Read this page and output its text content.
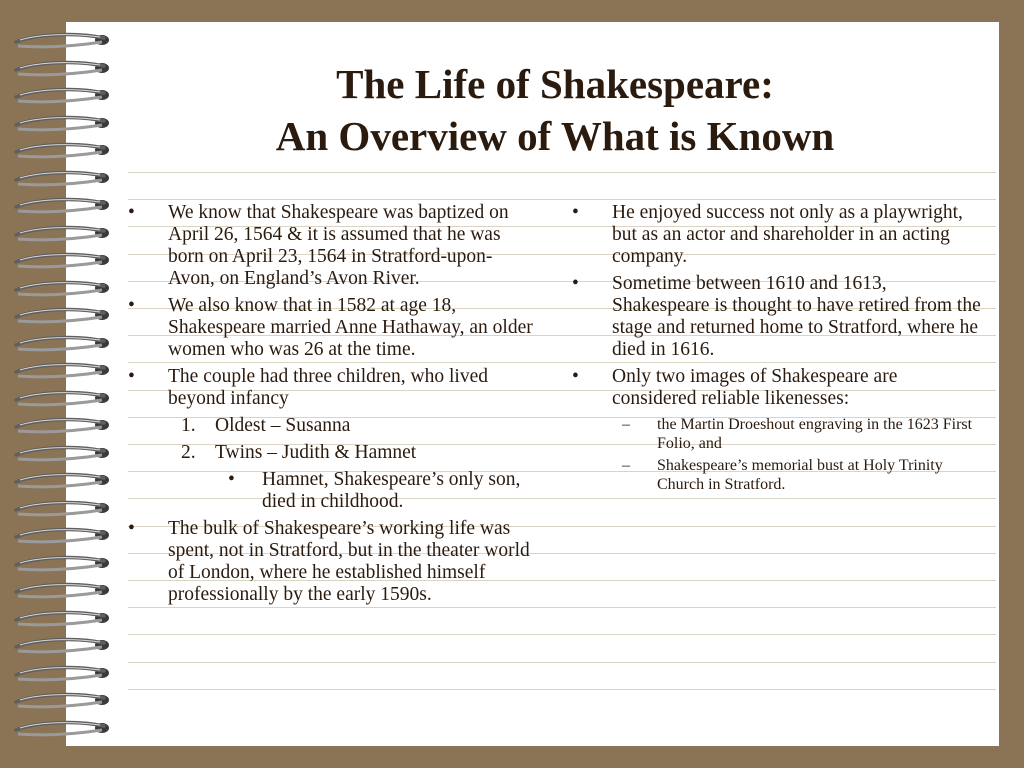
The Life of Shakespeare:
An Overview of What is Known
•	We know that Shakespeare was baptized on April 26, 1564 & it is assumed that he was born on April 23, 1564 in Stratford-upon-Avon, on England’s Avon River.
•	We also know that in 1582 at age 18, Shakespeare married Anne Hathaway, an older women who was 26 at the time.
•	The couple had three children, who lived beyond infancy
1. Oldest – Susanna
2. Twins – Judith & Hamnet
•	Hamnet, Shakespeare’s only son, died in childhood.
•	The bulk of Shakespeare’s working life was spent, not in Stratford, but in the theater world of London, where he established himself professionally by the early 1590s.
•	He enjoyed success not only as a playwright, but as an actor and shareholder in an acting company.
•	Sometime between 1610 and 1613, Shakespeare is thought to have retired from the stage and returned home to Stratford, where he died in 1616.
•	Only two images of Shakespeare are considered reliable likenesses:
–	the Martin Droeshout engraving in the 1623 First Folio, and
–	Shakespeare’s memorial bust at Holy Trinity Church in Stratford.
